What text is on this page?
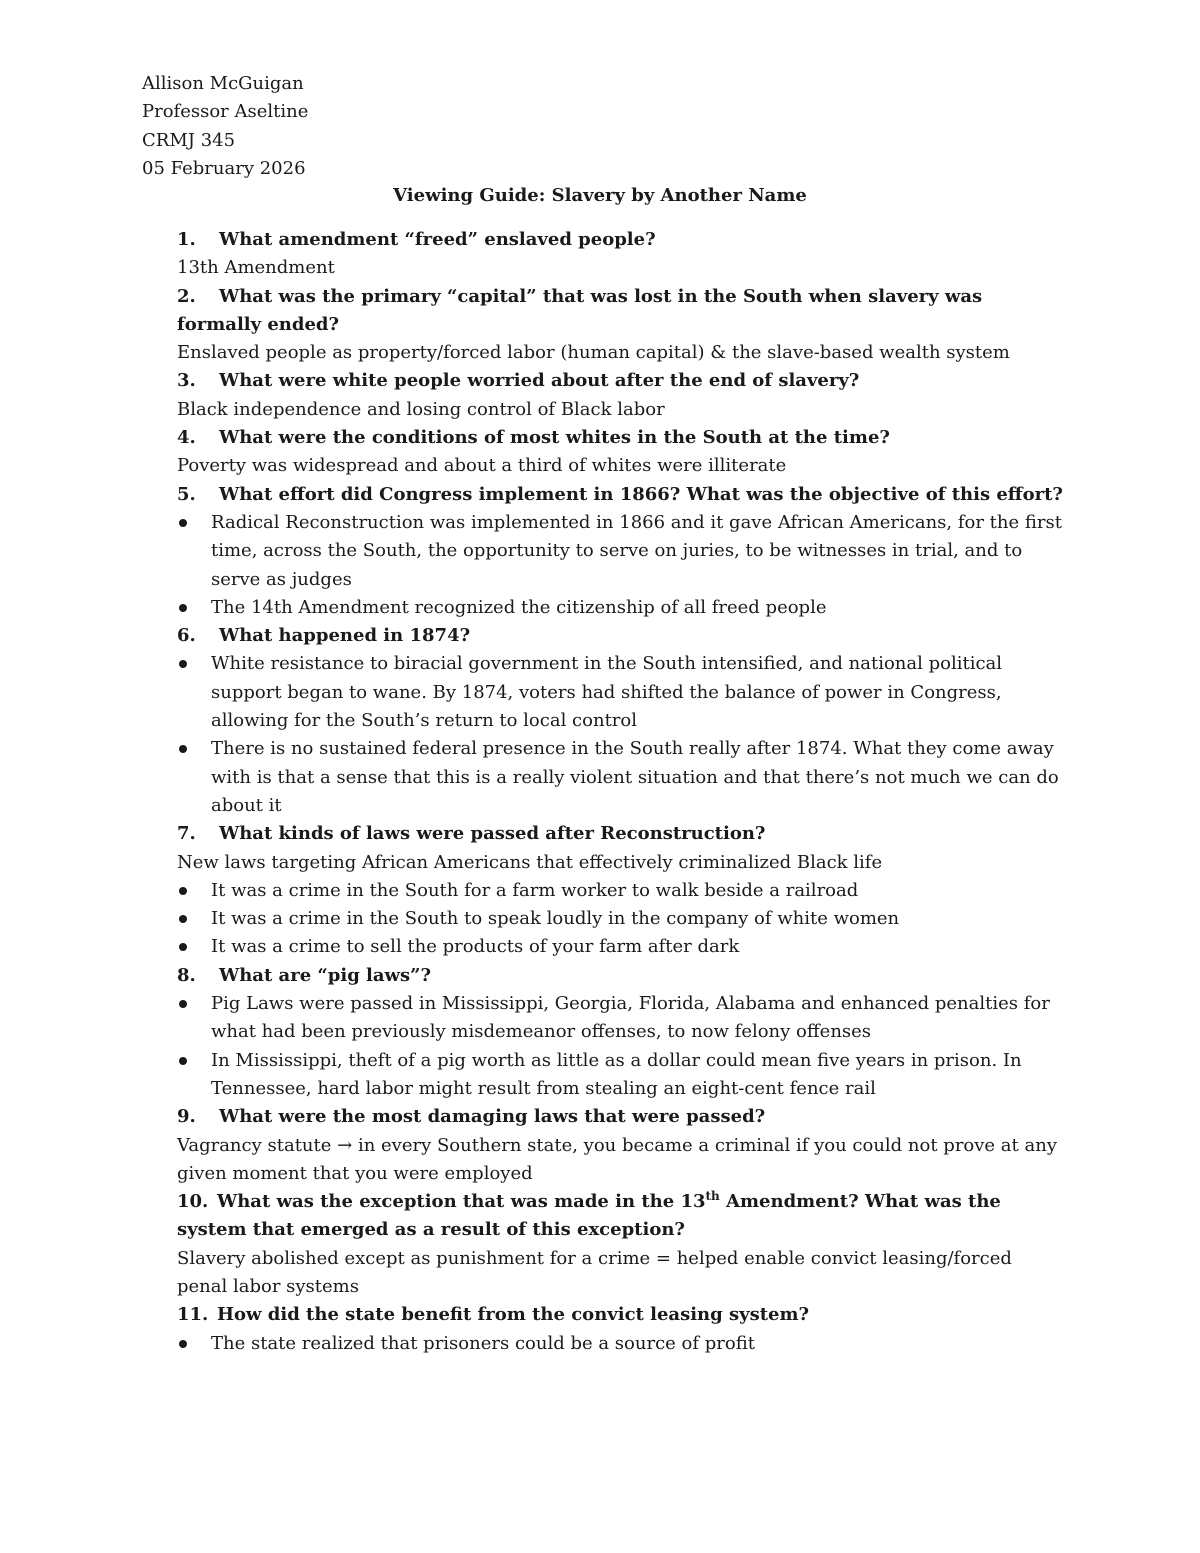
Allison McGuigan
Professor Aseltine
CRMJ 345
05 February 2026
Viewing Guide: Slavery by Another Name
1. What amendment “freed” enslaved people?
13th Amendment
2. What was the primary “capital” that was lost in the South when slavery was formally ended?
Enslaved people as property/forced labor (human capital) & the slave-based wealth system
3. What were white people worried about after the end of slavery?
Black independence and losing control of Black labor
4. What were the conditions of most whites in the South at the time?
Poverty was widespread and about a third of whites were illiterate
5. What effort did Congress implement in 1866? What was the objective of this effort?
Radical Reconstruction was implemented in 1866 and it gave African Americans, for the first time, across the South, the opportunity to serve on juries, to be witnesses in trial, and to serve as judges
The 14th Amendment recognized the citizenship of all freed people
6. What happened in 1874?
White resistance to biracial government in the South intensified, and national political support began to wane. By 1874, voters had shifted the balance of power in Congress, allowing for the South’s return to local control
There is no sustained federal presence in the South really after 1874. What they come away with is that a sense that this is a really violent situation and that there’s not much we can do about it
7. What kinds of laws were passed after Reconstruction?
New laws targeting African Americans that effectively criminalized Black life
It was a crime in the South for a farm worker to walk beside a railroad
It was a crime in the South to speak loudly in the company of white women
It was a crime to sell the products of your farm after dark
8. What are “pig laws”?
Pig Laws were passed in Mississippi, Georgia, Florida, Alabama and enhanced penalties for what had been previously misdemeanor offenses, to now felony offenses
In Mississippi, theft of a pig worth as little as a dollar could mean five years in prison. In Tennessee, hard labor might result from stealing an eight-cent fence rail
9. What were the most damaging laws that were passed?
Vagrancy statute → in every Southern state, you became a criminal if you could not prove at any given moment that you were employed
10. What was the exception that was made in the 13th Amendment? What was the system that emerged as a result of this exception?
Slavery abolished except as punishment for a crime = helped enable convict leasing/forced penal labor systems
11. How did the state benefit from the convict leasing system?
The state realized that prisoners could be a source of profit
